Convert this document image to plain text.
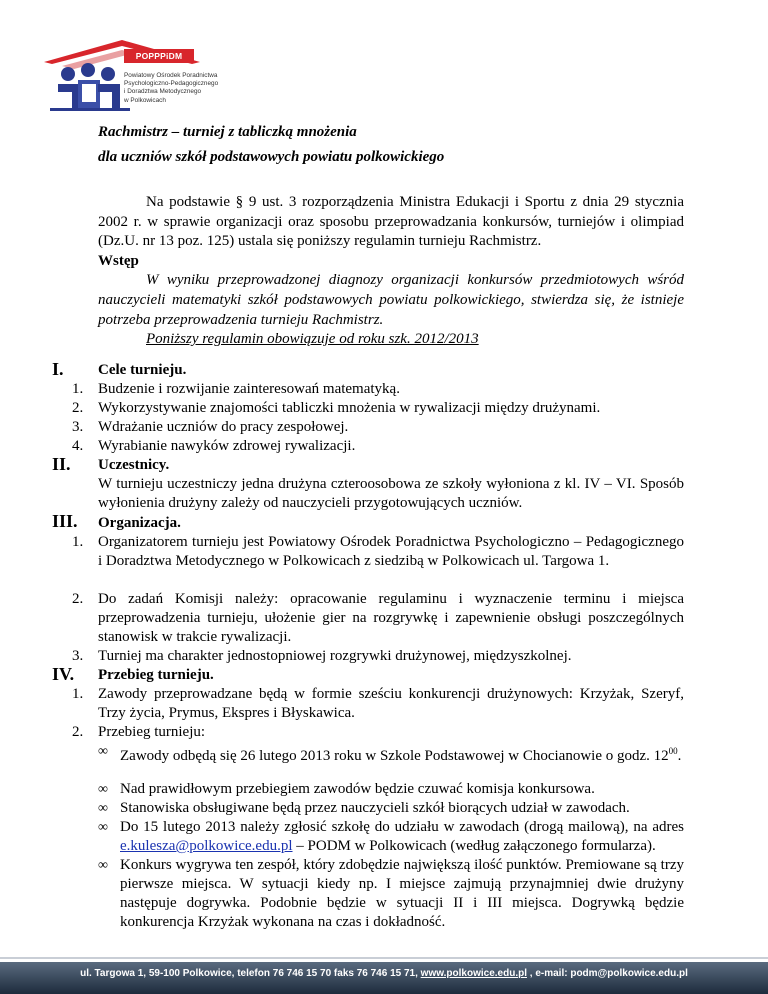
POPPPiDM
Powiatowy Ośrodek Poradnictwa
Psychologiczno-Pedagogicznego
i Doradztwa Metodycznego
w Polkowicach
Rachmistrz – turniej z tabliczką mnożenia
dla uczniów szkół podstawowych powiatu polkowickiego

Na podstawie § 9 ust. 3 rozporządzenia Ministra Edukacji i Sportu z dnia 29 stycznia 2002 r. w sprawie organizacji oraz sposobu przeprowadzania konkursów, turniejów i olimpiad (Dz.U. nr 13 poz. 125) ustala się poniższy regulamin turnieju Rachmistrz.

Wstęp

W wyniku przeprowadzonej diagnozy organizacji konkursów przedmiotowych wśród nauczycieli matematyki szkół podstawowych powiatu polkowickiego, stwierdza się, że istnieje potrzeba przeprowadzenia turnieju Rachmistrz.

Poniższy regulamin obowiązuje od roku szk. 2012/2013

I. Cele turnieju.
1. Budzenie i rozwijanie zainteresowań matematyką.
2. Wykorzystywanie znajomości tabliczki mnożenia w rywalizacji między drużynami.
3. Wdrażanie uczniów do pracy zespołowej.
4. Wyrabianie nawyków zdrowej rywalizacji.
II. Uczestnicy.
W turnieju uczestniczy jedna drużyna czteroosobowa ze szkoły wyłoniona z kl. IV – VI. Sposób wyłonienia drużyny zależy od nauczycieli przygotowujących uczniów.
III. Organizacja.
1. Organizatorem turnieju jest Powiatowy Ośrodek Poradnictwa Psychologiczno – Pedagogicznego i Doradztwa Metodycznego w Polkowicach z siedzibą w Polkowicach ul. Targowa 1.
2. Do zadań Komisji należy: opracowanie regulaminu i wyznaczenie terminu i miejsca przeprowadzenia turnieju, ułożenie gier na rozgrywkę i zapewnienie obsługi poszczególnych stanowisk w trakcie rywalizacji.
3. Turniej ma charakter jednostopniowej rozgrywki drużynowej, międzyszkolnej.
IV. Przebieg turnieju.
1. Zawody przeprowadzane będą w formie sześciu konkurencji drużynowych: Krzyżak, Szeryf, Trzy życia, Prymus, Ekspres i Błyskawica.
2. Przebieg turnieju:
∞ Zawody odbędą się 26 lutego 2013 roku w Szkole Podstawowej w Chocianowie o godz. $12^{00}$.
∞ Nad prawidłowym przebiegiem zawodów będzie czuwać komisja konkursowa.
∞ Stanowiska obsługiwane będą przez nauczycieli szkół biorących udział w zawodach.
∞ Do 15 lutego 2013 należy zgłosić szkołę do udziału w zawodach (drogą mailową), na adres e.kulesza@polkowice.edu.pl – PODM w Polkowicach (według załączonego formularza).
∞ Konkurs wygrywa ten zespół, który zdobędzie największą ilość punktów. Premiowane są trzy pierwsze miejsca. W sytuacji kiedy np. I miejsce zajmują przynajmniej dwie drużyny następuje dogrywka. Podobnie będzie w sytuacji II i III miejsca. Dogrywką będzie konkurencja Krzyżak wykonana na czas i dokładność.
ul. Targowa 1, 59-100 Polkowice, telefon 76 746 15 70 faks 76 746 15 71, www.polkowice.edu.pl , e-mail: podm@polkowice.edu.pl
